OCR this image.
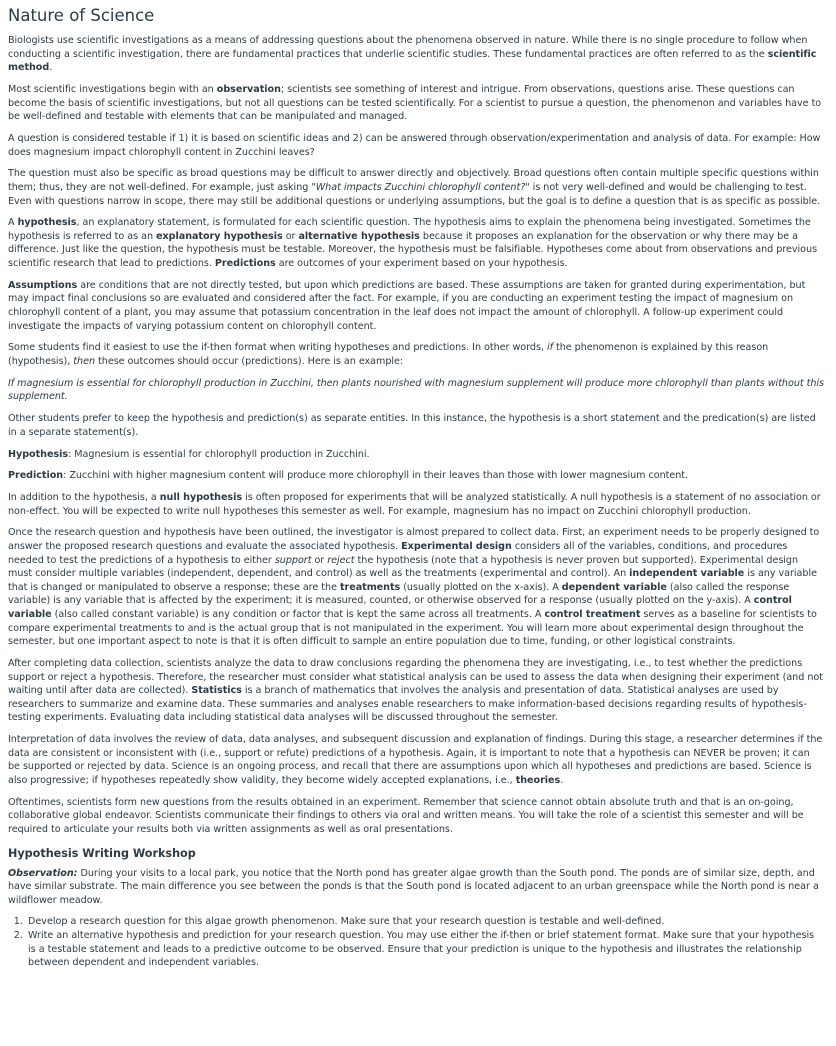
Nature of Science

Biologists use scientific investigations as a means of addressing questions about the phenomena observed in nature. While there is no single procedure to follow when conducting a scientific investigation, there are fundamental practices that underlie scientific studies. These fundamental practices are often referred to as the scientific method.

Most scientific investigations begin with an observation; scientists see something of interest and intrigue. From observations, questions arise. These questions can become the basis of scientific investigations, but not all questions can be tested scientifically. For a scientist to pursue a question, the phenomenon and variables have to be well-defined and testable with elements that can be manipulated and managed.

A question is considered testable if 1) it is based on scientific ideas and 2) can be answered through observation/experimentation and analysis of data. For example: How does magnesium impact chlorophyll content in Zucchini leaves?

The question must also be specific as broad questions may be difficult to answer directly and objectively. Broad questions often contain multiple specific questions within them; thus, they are not well-defined. For example, just asking "What impacts Zucchini chlorophyll content?" is not very well-defined and would be challenging to test. Even with questions narrow in scope, there may still be additional questions or underlying assumptions, but the goal is to define a question that is as specific as possible.

A hypothesis, an explanatory statement, is formulated for each scientific question. The hypothesis aims to explain the phenomena being investigated. Sometimes the hypothesis is referred to as an explanatory hypothesis or alternative hypothesis because it proposes an explanation for the observation or why there may be a difference. Just like the question, the hypothesis must be testable. Moreover, the hypothesis must be falsifiable. Hypotheses come about from observations and previous scientific research that lead to predictions. Predictions are outcomes of your experiment based on your hypothesis.

Assumptions are conditions that are not directly tested, but upon which predictions are based. These assumptions are taken for granted during experimentation, but may impact final conclusions so are evaluated and considered after the fact. For example, if you are conducting an experiment testing the impact of magnesium on chlorophyll content of a plant, you may assume that potassium concentration in the leaf does not impact the amount of chlorophyll. A follow-up experiment could investigate the impacts of varying potassium content on chlorophyll content.

Some students find it easiest to use the if-then format when writing hypotheses and predictions. In other words, if the phenomenon is explained by this reason (hypothesis), then these outcomes should occur (predictions). Here is an example:

If magnesium is essential for chlorophyll production in Zucchini, then plants nourished with magnesium supplement will produce more chlorophyll than plants without this supplement.

Other students prefer to keep the hypothesis and prediction(s) as separate entities. In this instance, the hypothesis is a short statement and the predication(s) are listed in a separate statement(s).

Hypothesis: Magnesium is essential for chlorophyll production in Zucchini.

Prediction: Zucchini with higher magnesium content will produce more chlorophyll in their leaves than those with lower magnesium content.

In addition to the hypothesis, a null hypothesis is often proposed for experiments that will be analyzed statistically. A null hypothesis is a statement of no association or non-effect. You will be expected to write null hypotheses this semester as well. For example, magnesium has no impact on Zucchini chlorophyll production.

Once the research question and hypothesis have been outlined, the investigator is almost prepared to collect data. First, an experiment needs to be properly designed to answer the proposed research questions and evaluate the associated hypothesis. Experimental design considers all of the variables, conditions, and procedures needed to test the predictions of a hypothesis to either support or reject the hypothesis (note that a hypothesis is never proven but supported). Experimental design must consider multiple variables (independent, dependent, and control) as well as the treatments (experimental and control). An independent variable is any variable that is changed or manipulated to observe a response; these are the treatments (usually plotted on the x-axis). A dependent variable (also called the response variable) is any variable that is affected by the experiment; it is measured, counted, or otherwise observed for a response (usually plotted on the y-axis). A control variable (also called constant variable) is any condition or factor that is kept the same across all treatments. A control treatment serves as a baseline for scientists to compare experimental treatments to and is the actual group that is not manipulated in the experiment. You will learn more about experimental design throughout the semester, but one important aspect to note is that it is often difficult to sample an entire population due to time, funding, or other logistical constraints.

After completing data collection, scientists analyze the data to draw conclusions regarding the phenomena they are investigating, i.e., to test whether the predictions support or reject a hypothesis. Therefore, the researcher must consider what statistical analysis can be used to assess the data when designing their experiment (and not waiting until after data are collected). Statistics is a branch of mathematics that involves the analysis and presentation of data. Statistical analyses are used by researchers to summarize and examine data. These summaries and analyses enable researchers to make information-based decisions regarding results of hypothesis-testing experiments. Evaluating data including statistical data analyses will be discussed throughout the semester.

Interpretation of data involves the review of data, data analyses, and subsequent discussion and explanation of findings. During this stage, a researcher determines if the data are consistent or inconsistent with (i.e., support or refute) predictions of a hypothesis. Again, it is important to note that a hypothesis can NEVER be proven; it can be supported or rejected by data. Science is an ongoing process, and recall that there are assumptions upon which all hypotheses and predictions are based. Science is also progressive; if hypotheses repeatedly show validity, they become widely accepted explanations, i.e., theories.

Oftentimes, scientists form new questions from the results obtained in an experiment. Remember that science cannot obtain absolute truth and that is an on-going, collaborative global endeavor. Scientists communicate their findings to others via oral and written means. You will take the role of a scientist this semester and will be required to articulate your results both via written assignments as well as oral presentations.

Hypothesis Writing Workshop

Observation: During your visits to a local park, you notice that the North pond has greater algae growth than the South pond. The ponds are of similar size, depth, and have similar substrate. The main difference you see between the ponds is that the South pond is located adjacent to an urban greenspace while the North pond is near a wildflower meadow.

1. Develop a research question for this algae growth phenomenon. Make sure that your research question is testable and well-defined.
2. Write an alternative hypothesis and prediction for your research question. You may use either the if-then or brief statement format. Make sure that your hypothesis is a testable statement and leads to a predictive outcome to be observed. Ensure that your prediction is unique to the hypothesis and illustrates the relationship between dependent and independent variables.
